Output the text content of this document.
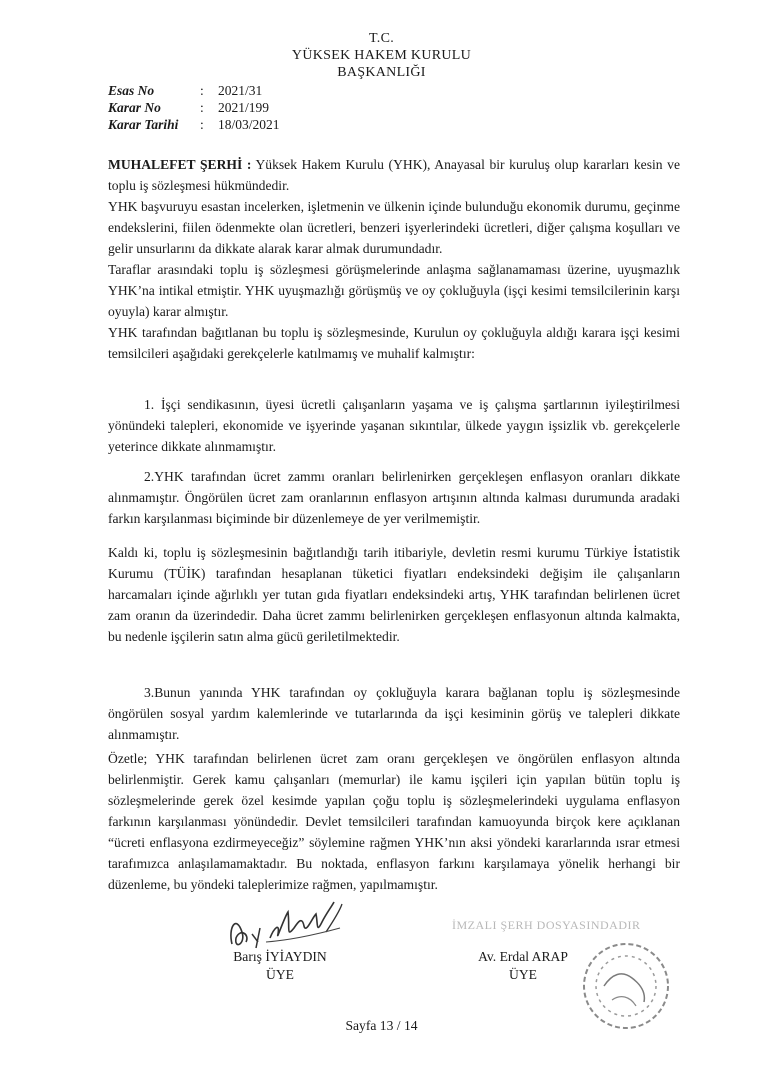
T.C.
YÜKSEK HAKEM KURULU
BAŞKANLIĞI
Esas No	:	2021/31
Karar No	:	2021/199
Karar Tarihi	:	18/03/2021

MUHALEFET ŞERHİ : Yüksek Hakem Kurulu (YHK), Anayasal bir kuruluş olup kararları kesin ve toplu iş sözleşmesi hükmündedir.

YHK başvuruyu esastan incelerken, işletmenin ve ülkenin içinde bulunduğu ekonomik durumu, geçinme endekslerini, fiilen ödenmekte olan ücretleri, benzeri işyerlerindeki ücretleri, diğer çalışma koşulları ve gelir unsurlarını da dikkate alarak karar almak durumundadır.

Taraflar arasındaki toplu iş sözleşmesi görüşmelerinde anlaşma sağlanamaması üzerine, uyuşmazlık YHK’na intikal etmiştir. YHK uyuşmazlığı görüşmüş ve oy çokluğuyla (işçi kesimi temsilcilerinin karşı oyuyla) karar almıştır.

YHK tarafından bağıtlanan bu toplu iş sözleşmesinde, Kurulun oy çokluğuyla aldığı karara işçi kesimi temsilcileri aşağıdaki gerekçelerle katılmamış ve muhalif kalmıştır:

1. İşçi sendikasının, üyesi ücretli çalışanların yaşama ve iş çalışma şartlarının iyileştirilmesi yönündeki talepleri, ekonomide ve işyerinde yaşanan sıkıntılar, ülkede yaygın işsizlik vb. gerekçelerle yeterince dikkate alınmamıştır.

2.YHK tarafından ücret zammı oranları belirlenirken gerçekleşen enflasyon oranları dikkate alınmamıştır. Öngörülen ücret zam oranlarının enflasyon artışının altında kalması durumunda aradaki farkın karşılanması biçiminde bir düzenlemeye de yer verilmemiştir.

Kaldı ki, toplu iş sözleşmesinin bağıtlandığı tarih itibariyle, devletin resmi kurumu Türkiye İstatistik Kurumu (TÜİK) tarafından hesaplanan tüketici fiyatları endeksindeki değişim ile çalışanların harcamaları içinde ağırlıklı yer tutan gıda fiyatları endeksindeki artış, YHK tarafından belirlenen ücret zam oranın da üzerindedir. Daha ücret zammı belirlenirken gerçekleşen enflasyonun altında kalmakta, bu nedenle işçilerin satın alma gücü geriletilmektedir.

3.Bunun yanında YHK tarafından oy çokluğuyla karara bağlanan toplu iş sözleşmesinde öngörülen sosyal yardım kalemlerinde ve tutarlarında da işçi kesiminin görüş ve talepleri dikkate alınmamıştır.

Özetle; YHK tarafından belirlenen ücret zam oranı gerçekleşen ve öngörülen enflasyon altında belirlenmiştir. Gerek kamu çalışanları (memurlar) ile kamu işçileri için yapılan bütün toplu iş sözleşmelerinde gerek özel kesimde yapılan çoğu toplu iş sözleşmelerindeki uygulama enflasyon farkının karşılanması yönündedir. Devlet temsilcileri tarafından kamuoyunda birçok kere açıklanan “ücreti enflasyona ezdirmeyeceğiz” söylemine rağmen YHK’nın aksi yöndeki kararlarında ısrar etmesi tarafımızca anlaşılamamaktadır. Bu noktada, enflasyon farkını karşılamaya yönelik herhangi bir düzenleme, bu yöndeki taleplerimize rağmen, yapılmamıştır.

Barış İYİAYDIN
ÜYE
İMZALI ŞERH DOSYASINDADIR
Av. Erdal ARAP
ÜYE
Sayfa 13 / 14
